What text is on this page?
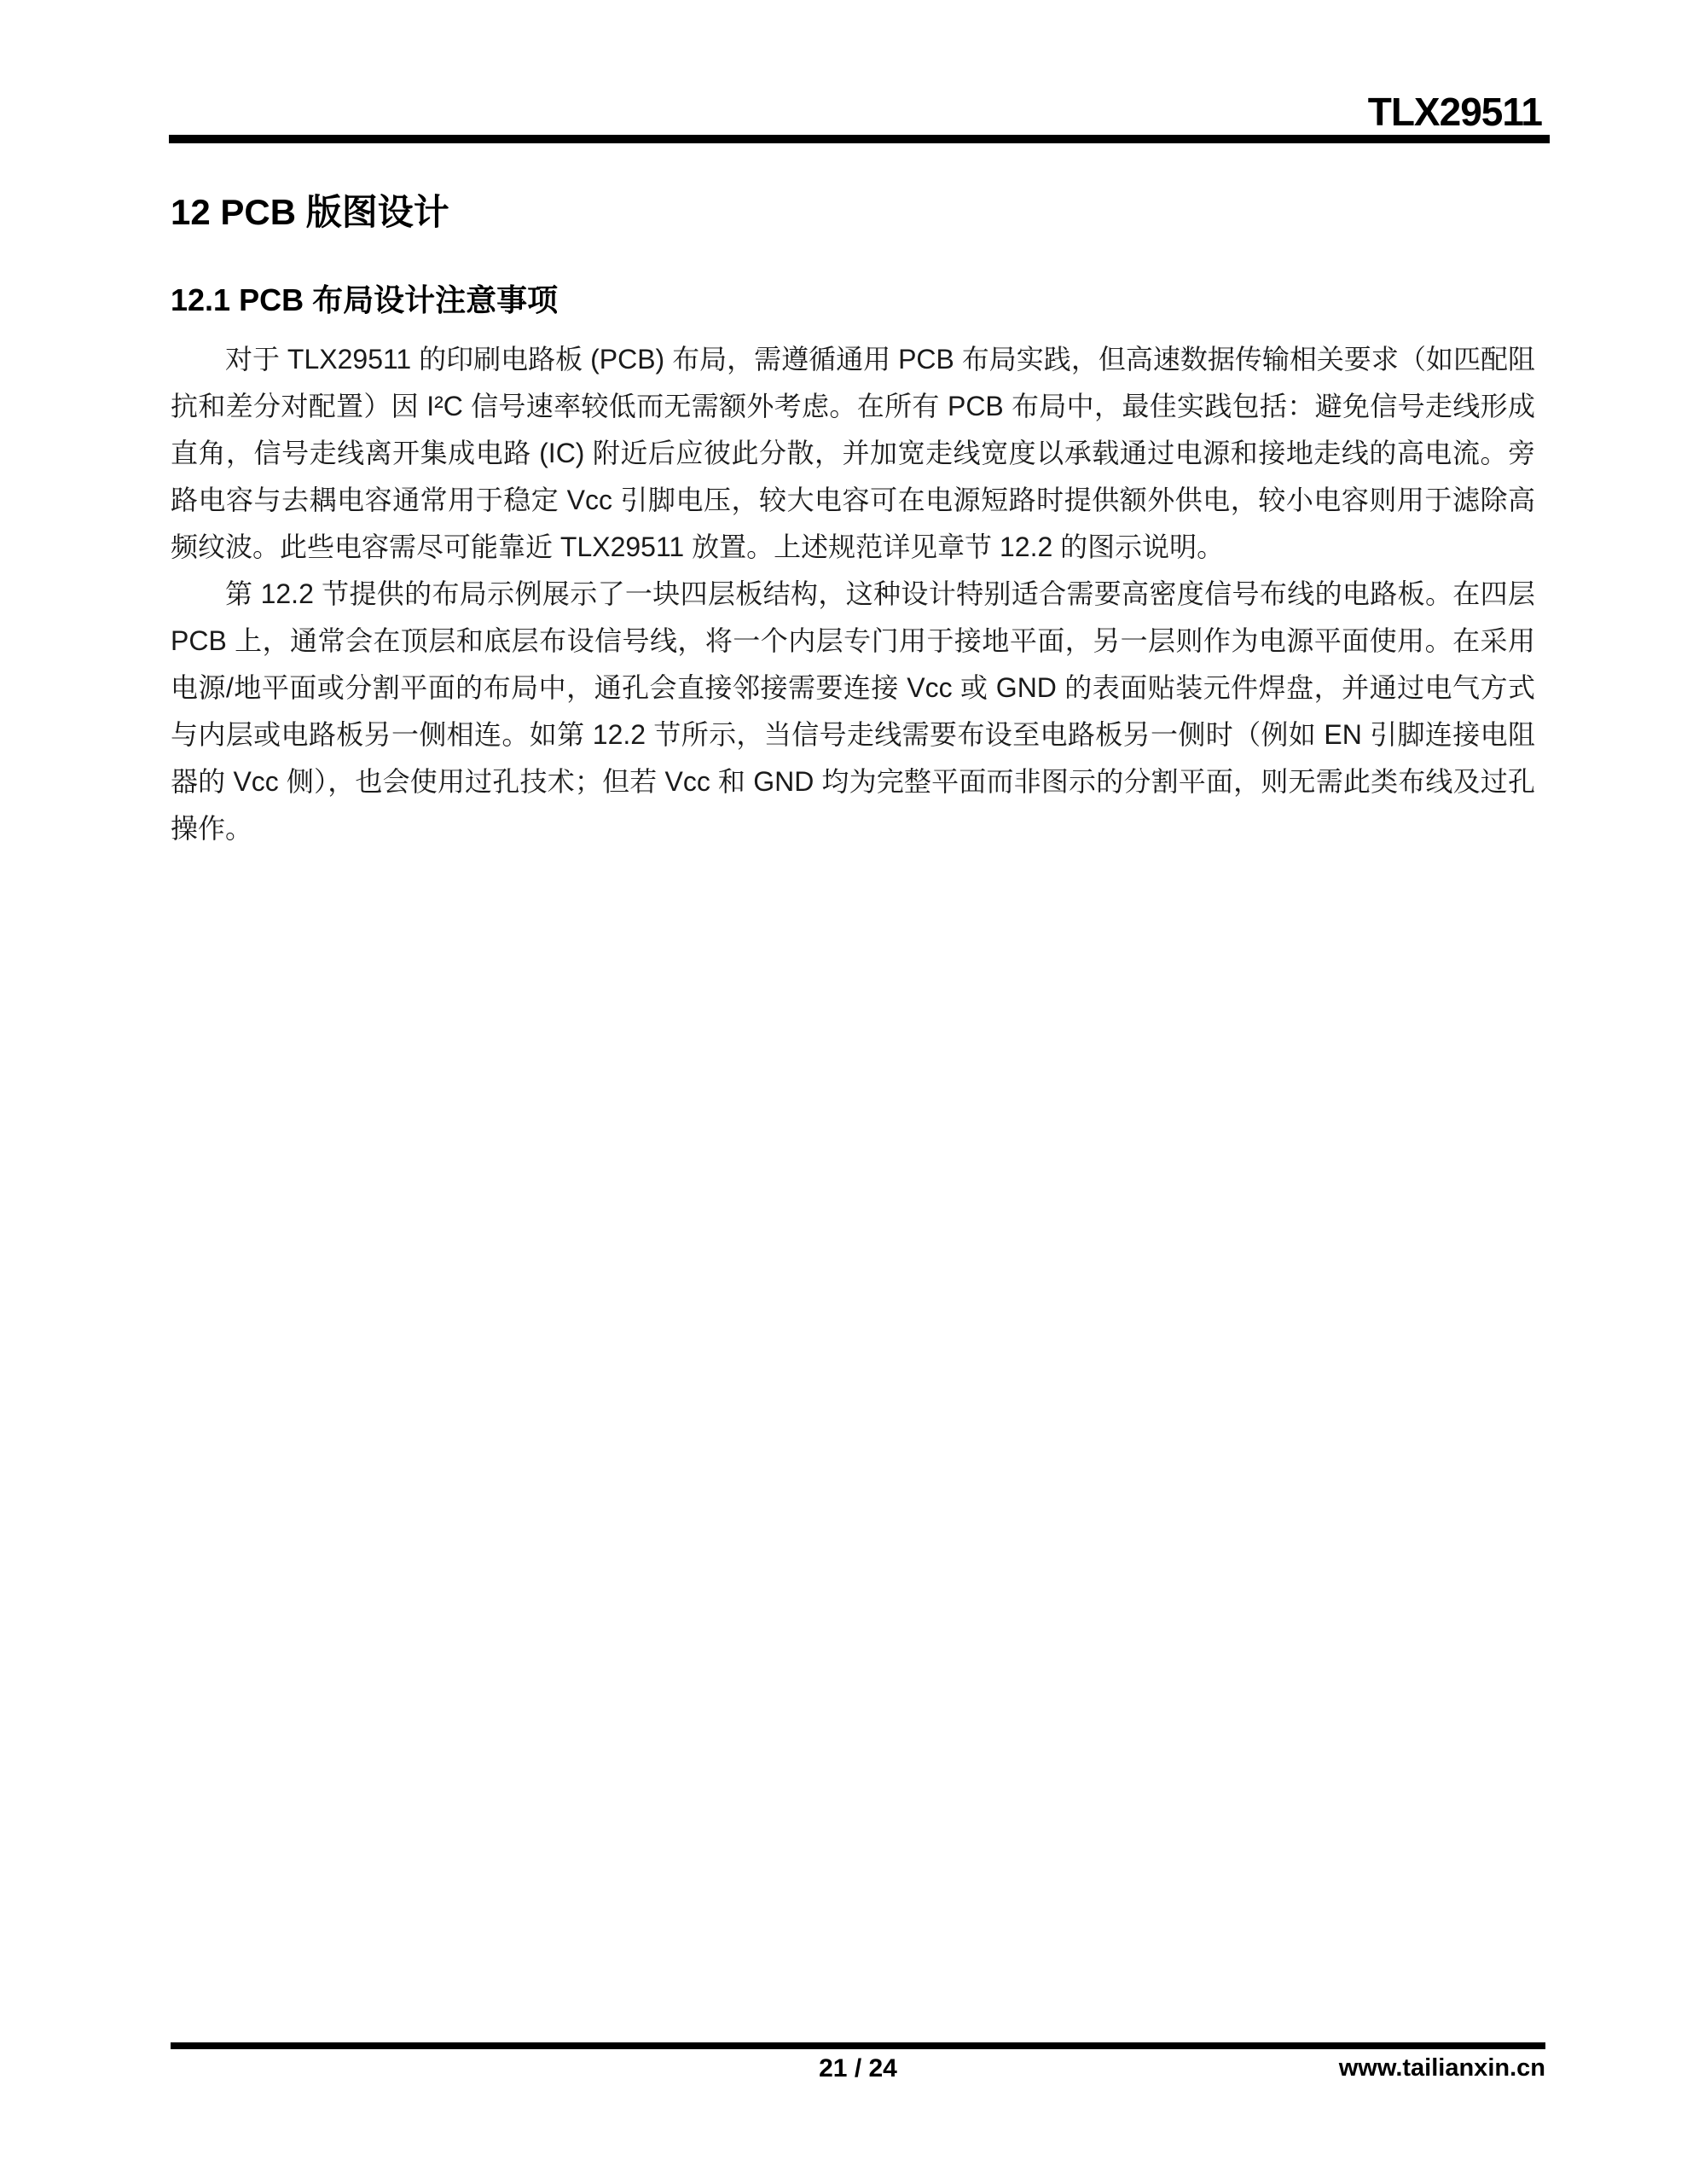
TLX29511
12 PCB 版图设计
12.1 PCB 布局设计注意事项

对于 TLX29511 的印刷电路板 (PCB) 布局，需遵循通用 PCB 布局实践，但高速数据传输相关要求（如匹配阻抗和差分对配置）因 I²C 信号速率较低而无需额外考虑。在所有 PCB 布局中，最佳实践包括：避免信号走线形成直角，信号走线离开集成电路 (IC) 附近后应彼此分散，并加宽走线宽度以承载通过电源和接地走线的高电流。旁路电容与去耦电容通常用于稳定 Vcc 引脚电压，较大电容可在电源短路时提供额外供电，较小电容则用于滤除高频纹波。此些电容需尽可能靠近 TLX29511 放置。上述规范详见章节 12.2 的图示说明。

第 12.2 节提供的布局示例展示了一块四层板结构，这种设计特别适合需要高密度信号布线的电路板。在四层 PCB 上，通常会在顶层和底层布设信号线，将一个内层专门用于接地平面，另一层则作为电源平面使用。在采用电源/地平面或分割平面的布局中，通孔会直接邻接需要连接 Vcc 或 GND 的表面贴装元件焊盘，并通过电气方式与内层或电路板另一侧相连。如第 12.2 节所示，当信号走线需要布设至电路板另一侧时（例如 EN 引脚连接电阻器的 Vcc 侧），也会使用过孔技术；但若 Vcc 和 GND 均为完整平面而非图示的分割平面，则无需此类布线及过孔操作。

21 / 24	www.tailianxin.cn
